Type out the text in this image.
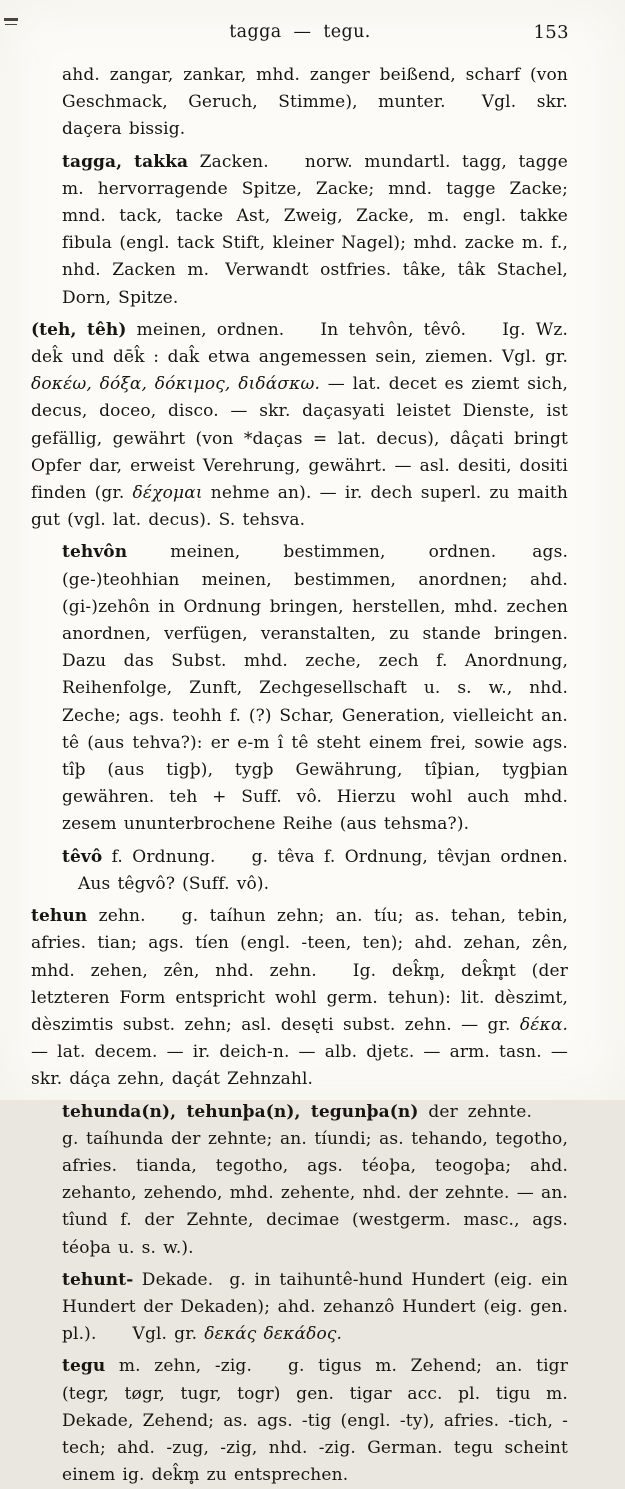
tagga — tegu.	153

ahd. zangar, zankar, mhd. zanger beißend, scharf (von Geschmack, Geruch, Stimme), munter. Vgl. skr. daçera bissig.

tagga, takka Zacken. norw. mundartl. tagg, tagge m. hervorragende Spitze, Zacke; mnd. tagge Zacke; mnd. tack, tacke Ast, Zweig, Zacke, m. engl. takke fibula (engl. tack Stift, kleiner Nagel); mhd. zacke m. f., nhd. Zacken m. Verwandt ostfries. tâke, tâk Stachel, Dorn, Spitze.

(teh, têh) meinen, ordnen. In tehvôn, têvô. Ig. Wz. dek̂ und dēk̂ : dak̂ etwa angemessen sein, ziemen. Vgl. gr. δοκέω, δόξα, δόκιμος, διδάσκω. — lat. decet es ziemt sich, decus, doceo, disco. — skr. daçasyati leistet Dienste, ist gefällig, gewährt (von *daças = lat. decus), dâçati bringt Opfer dar, erweist Verehrung, gewährt. — asl. desiti, dositi finden (gr. δέχομαι nehme an). — ir. dech superl. zu maith gut (vgl. lat. decus). S. tehsva.

tehvôn meinen, bestimmen, ordnen. ags. (ge-)teohhian meinen, bestimmen, anordnen; ahd. (gi-)zehôn in Ordnung bringen, herstellen, mhd. zechen anordnen, verfügen, veranstalten, zu stande bringen. Dazu das Subst. mhd. zeche, zech f. Anordnung, Reihenfolge, Zunft, Zechgesellschaft u. s. w., nhd. Zeche; ags. teohh f. (?) Schar, Generation, vielleicht an. tê (aus tehva?): er e-m î tê steht einem frei, sowie ags. tîþ (aus tigþ), tygþ Gewährung, tîþian, tygþian gewähren. teh + Suff. vô. Hierzu wohl auch mhd. zesem ununterbrochene Reihe (aus tehsma?).

têvô f. Ordnung. g. têva f. Ordnung, têvjan ordnen.Aus têgvô? (Suff. vô).

tehun zehn. g. taíhun zehn; an. tíu; as. tehan, tebin, afries. tian; ags. tíen (engl. -teen, ten); ahd. zehan, zên, mhd. zehen, zên, nhd. zehn. Ig. dek̂m̥, dek̂m̥t (der letzteren Form entspricht wohl germ. tehun): lit. dèszimt, dèszimtis subst. zehn; asl. desęti subst. zehn. — gr. δέκα. — lat. decem. — ir. deich-n. — alb. djetɛ. — arm. tasn. — skr. dáça zehn, daçát Zehnzahl.

tehunda(n), tehunþa(n), tegunþa(n) der zehnte.g. taíhunda der zehnte; an. tíundi; as. tehando, tegotho, afries. tianda, tegotho, ags. téoþa, teogoþa; ahd. zehanto, zehendo, mhd. zehente, nhd. der zehnte. — an. tîund f. der Zehnte, decimae (westgerm. masc., ags. téoþa u. s. w.).

tehunt- Dekade. g. in taihuntê-hund Hundert (eig. ein Hundert der Dekaden); ahd. zehanzô Hundert (eig. gen. pl.). Vgl. gr. δεκάς δεκάδος.

tegu m. zehn, -zig. g. tigus m. Zehend; an. tigr (tegr, tøgr, tugr, togr) gen. tigar acc. pl. tigu m. Dekade, Zehend; as. ags. -tig (engl. -ty), afries. -tich, -tech; ahd. -zug, -zig, nhd. -zig. German. tegu scheint einem ig. dek̂m̥ zu entsprechen.
